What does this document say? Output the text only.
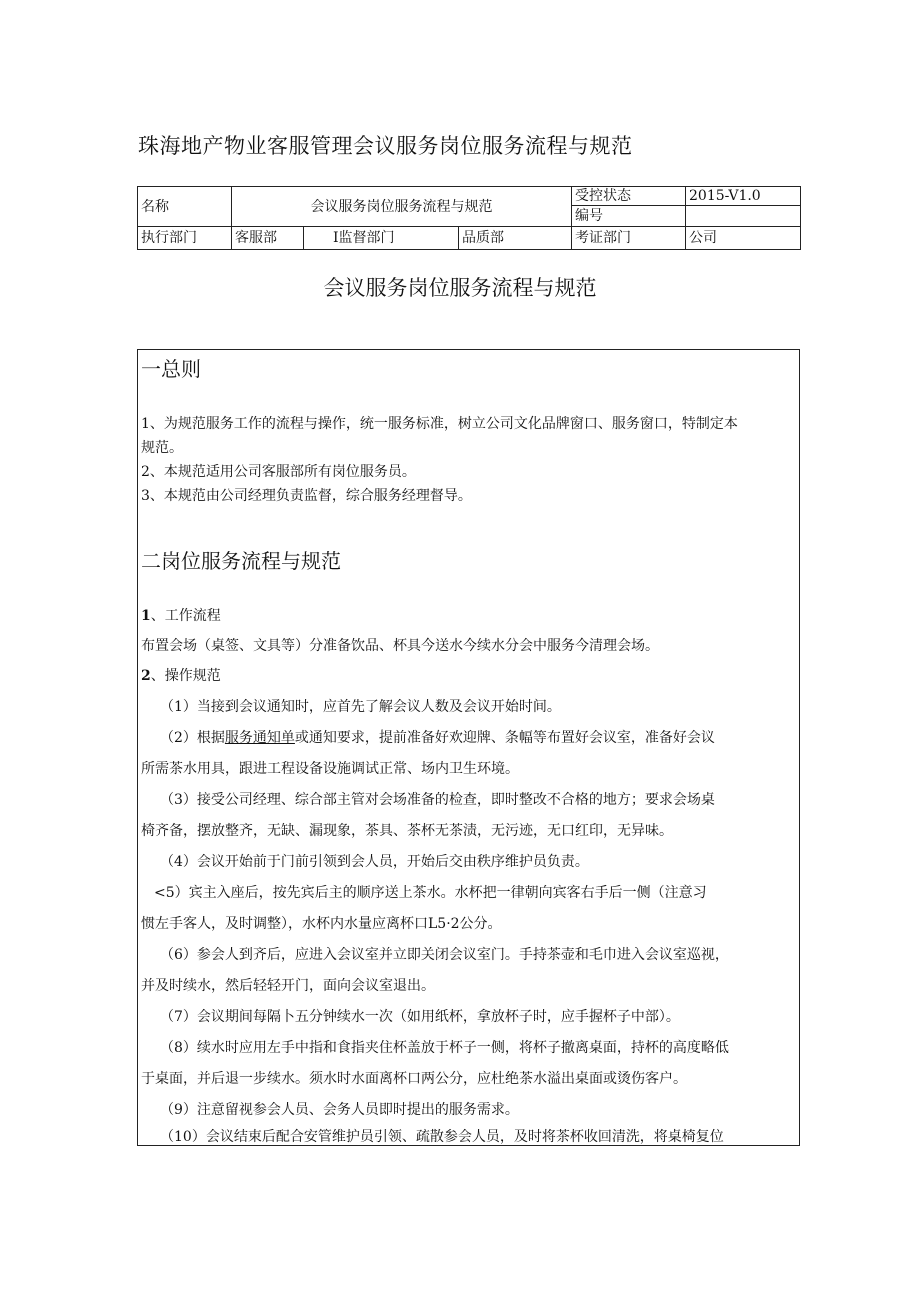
珠海地产物业客服管理会议服务岗位服务流程与规范
名称	会议服务岗位服务流程与规范			受控状态	2015-V1.0
				编号	
执行部门	客服部	I监督部门	品质部	考证部门	公司
会议服务岗位服务流程与规范
一总则

1、为规范服务工作的流程与操作，统一服务标准，树立公司文化品牌窗口、服务窗口，特制定本

规范。

2、本规范适用公司客服部所有岗位服务员。

3、本规范由公司经理负责监督，综合服务经理督导。

二岗位服务流程与规范

1、工作流程

布置会场（桌签、文具等）分准备饮品、杯具今送水今续水分会中服务今清理会场。

2、操作规范

（1）当接到会议通知时，应首先了解会议人数及会议开始时间。

（2）根据服务通知单或通知要求，提前准备好欢迎牌、条幅等布置好会议室，准备好会议

所需茶水用具，跟进工程设备设施调试正常、场内卫生环境。

（3）接受公司经理、综合部主管对会场准备的检查，即时整改不合格的地方；要求会场桌

椅齐备，摆放整齐，无缺、漏现象，茶具、茶杯无茶渍，无污迹，无口红印，无异味。

（4）会议开始前于门前引领到会人员，开始后交由秩序维护员负责。

<5）宾主入座后，按先宾后主的顺序送上茶水。水杯把一律朝向宾客右手后一侧（注意习

惯左手客人，及时调整），水杯内水量应离杯口L5·2公分。

（6）参会人到齐后，应进入会议室并立即关闭会议室门。手持茶壶和毛巾进入会议室巡视，

并及时续水，然后轻轻开门，面向会议室退出。

（7）会议期间每隔卜五分钟续水一次（如用纸杯，拿放杯子时，应手握杯子中部）。

（8）续水时应用左手中指和食指夹住杯盖放于杯子一侧，将杯子撤离桌面，持杯的高度略低

于桌面，并后退一步续水。须水时水面离杯口两公分，应杜绝茶水溢出桌面或烫伤客户。

（9）注意留视参会人员、会务人员即时提出的服务需求。

（10）会议结束后配合安管维护员引领、疏散参会人员，及时将茶杯收回清洗，将桌椅复位
